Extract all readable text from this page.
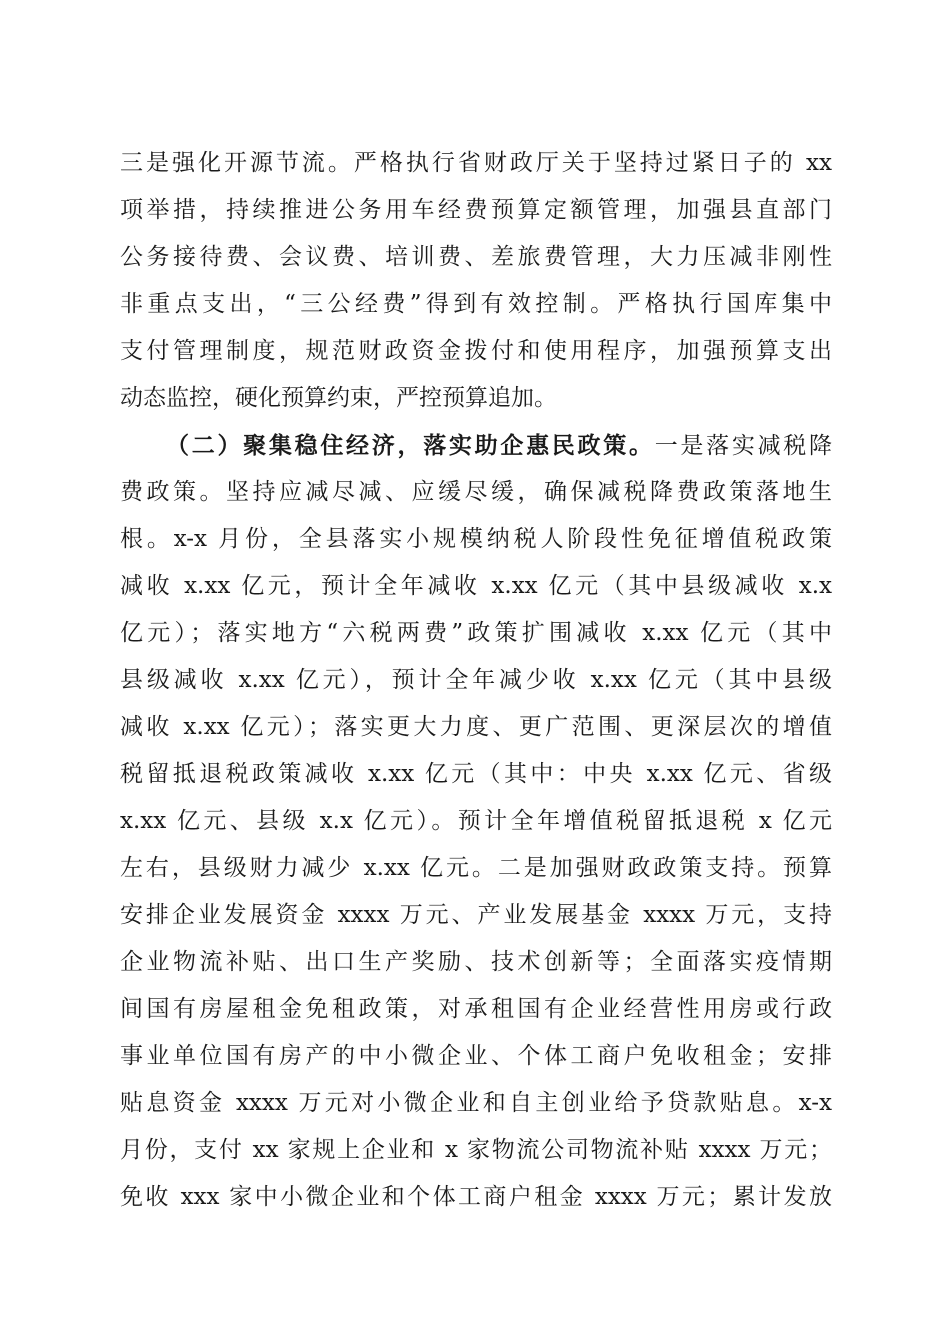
三是强化开源节流。严格执行省财政厅关于坚持过紧日子的 xx
项举措，持续推进公务用车经费预算定额管理，加强县直部门
公务接待费、会议费、培训费、差旅费管理，大力压减非刚性
非重点支出，“三公经费”得到有效控制。严格执行国库集中
支付管理制度，规范财政资金拨付和使用程序，加强预算支出
动态监控，硬化预算约束，严控预算追加。
（二）聚集稳住经济，落实助企惠民政策。一是落实减税降
费政策。坚持应减尽减、应缓尽缓，确保减税降费政策落地生
根。x-x 月份，全县落实小规模纳税人阶段性免征增值税政策
减收 x.xx 亿元，预计全年减收 x.xx 亿元（其中县级减收 x.x
亿元）；落实地方“六税两费”政策扩围减收 x.xx 亿元（其中
县级减收 x.xx 亿元），预计全年减少收 x.xx 亿元（其中县级
减收 x.xx 亿元）；落实更大力度、更广范围、更深层次的增值
税留抵退税政策减收 x.xx 亿元（其中：中央 x.xx 亿元、省级
x.xx 亿元、县级 x.x 亿元）。预计全年增值税留抵退税 x 亿元
左右，县级财力减少 x.xx 亿元。二是加强财政政策支持。预算
安排企业发展资金 xxxx 万元、产业发展基金 xxxx 万元，支持
企业物流补贴、出口生产奖励、技术创新等；全面落实疫情期
间国有房屋租金免租政策，对承租国有企业经营性用房或行政
事业单位国有房产的中小微企业、个体工商户免收租金；安排
贴息资金 xxxx 万元对小微企业和自主创业给予贷款贴息。x-x
月份，支付 xx 家规上企业和 x 家物流公司物流补贴 xxxx 万元；
免收 xxx 家中小微企业和个体工商户租金 xxxx 万元；累计发放
